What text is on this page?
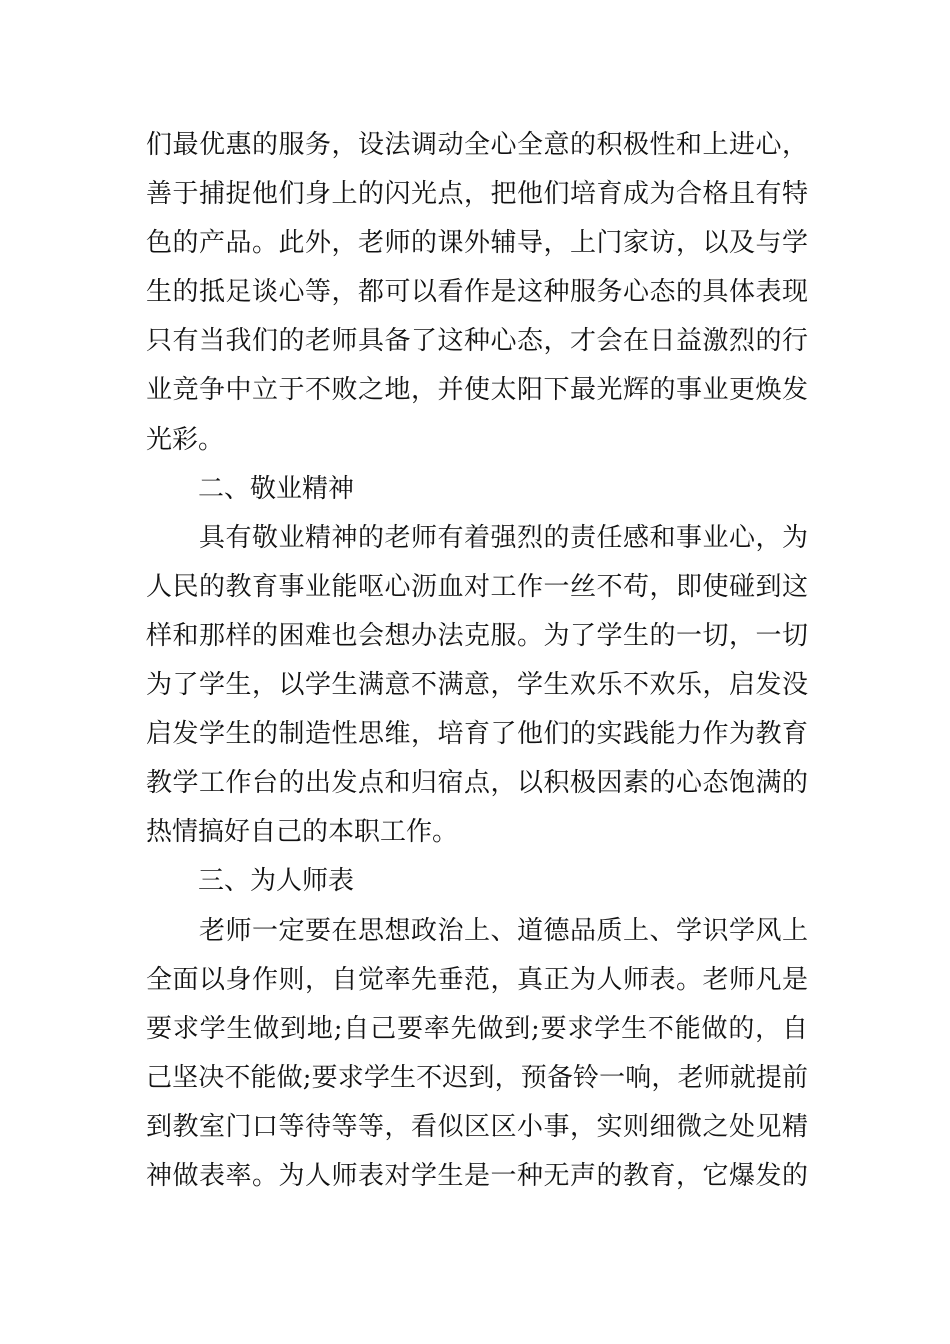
们最优惠的服务，设法调动全心全意的积极性和上进心，
善于捕捉他们身上的闪光点，把他们培育成为合格且有特
色的产品。此外，老师的课外辅导，上门家访，以及与学
生的抵足谈心等，都可以看作是这种服务心态的具体表现
只有当我们的老师具备了这种心态，才会在日益激烈的行
业竞争中立于不败之地，并使太阳下最光辉的事业更焕发
光彩。
二、敬业精神
　　具有敬业精神的老师有着强烈的责任感和事业心，为
人民的教育事业能呕心沥血对工作一丝不苟，即使碰到这
样和那样的困难也会想办法克服。为了学生的一切，一切
为了学生，以学生满意不满意，学生欢乐不欢乐，启发没
启发学生的制造性思维，培育了他们的实践能力作为教育
教学工作台的出发点和归宿点，以积极因素的心态饱满的
热情搞好自己的本职工作。
三、为人师表
　　老师一定要在思想政治上、道德品质上、学识学风上
全面以身作则，自觉率先垂范，真正为人师表。老师凡是
要求学生做到地;自己要率先做到;要求学生不能做的，自
己坚决不能做;要求学生不迟到，预备铃一响，老师就提前
到教室门口等待等等，看似区区小事，实则细微之处见精
神做表率。为人师表对学生是一种无声的教育，它爆发的
